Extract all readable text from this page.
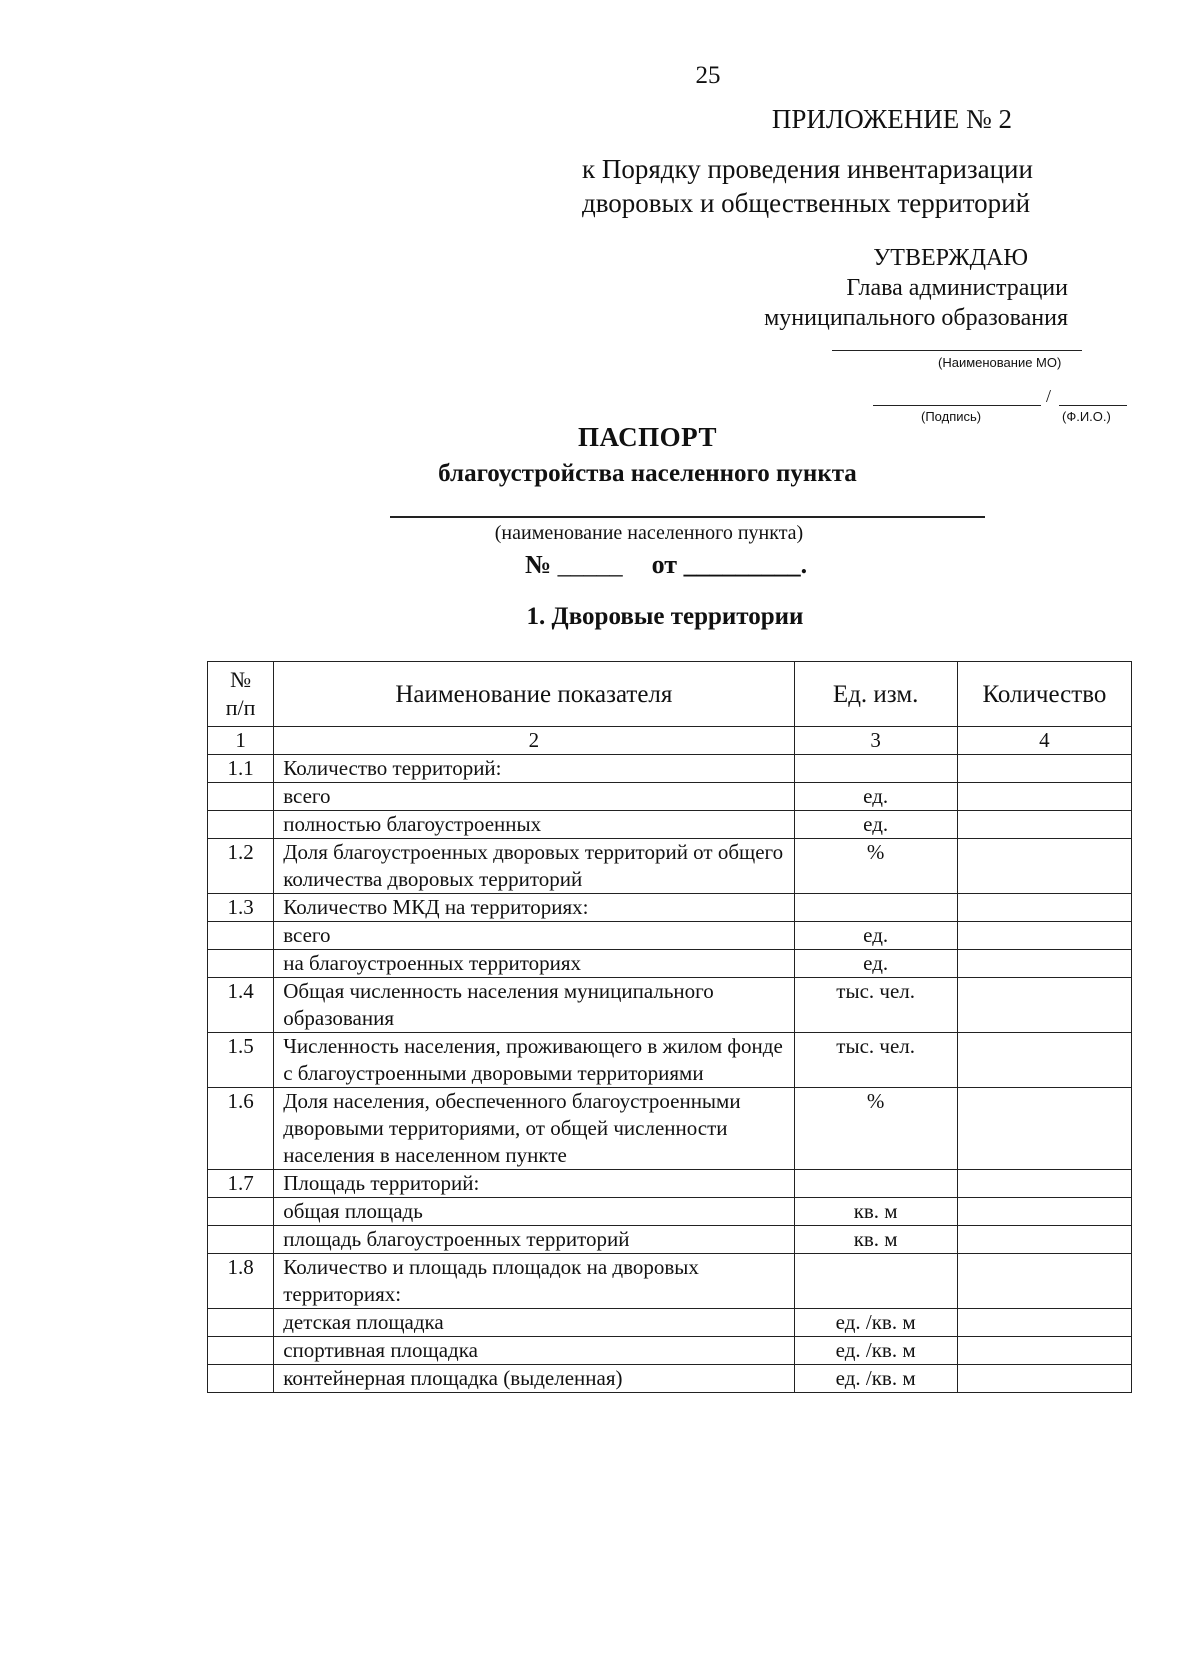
25
ПРИЛОЖЕНИЕ № 2
к Порядку проведения инвентаризации
дворовых и общественных территорий
УТВЕРЖДАЮ
Глава администрации
муниципального образования
(Наименование МО)
/
(Подпись)	(Ф.И.О.)
ПАСПОРТ
благоустройства населенного пункта
(наименование населенного пункта)
№ _____ от _________.
1. Дворовые территории
№ п/п	Наименование показателя	Ед. изм.	Количество
1	2	3	4
1.1	Количество территорий:		
	всего	ед.	
	полностью благоустроенных	ед.	
1.2	Доля благоустроенных дворовых территорий от общего количества дворовых территорий	%	
1.3	Количество МКД на территориях:		
	всего	ед.	
	на благоустроенных территориях	ед.	
1.4	Общая численность населения муниципального образования	тыс. чел.	
1.5	Численность населения, проживающего в жилом фонде с благоустроенными дворовыми территориями	тыс. чел.	
1.6	Доля населения, обеспеченного благоустроенными дворовыми территориями, от общей численности населения в населенном пункте	%	
1.7	Площадь территорий:		
	общая площадь	кв. м	
	площадь благоустроенных территорий	кв. м	
1.8	Количество и площадь площадок на дворовых территориях:		
	детская площадка	ед. /кв. м	
	спортивная площадка	ед. /кв. м	
	контейнерная площадка (выделенная)	ед. /кв. м	
